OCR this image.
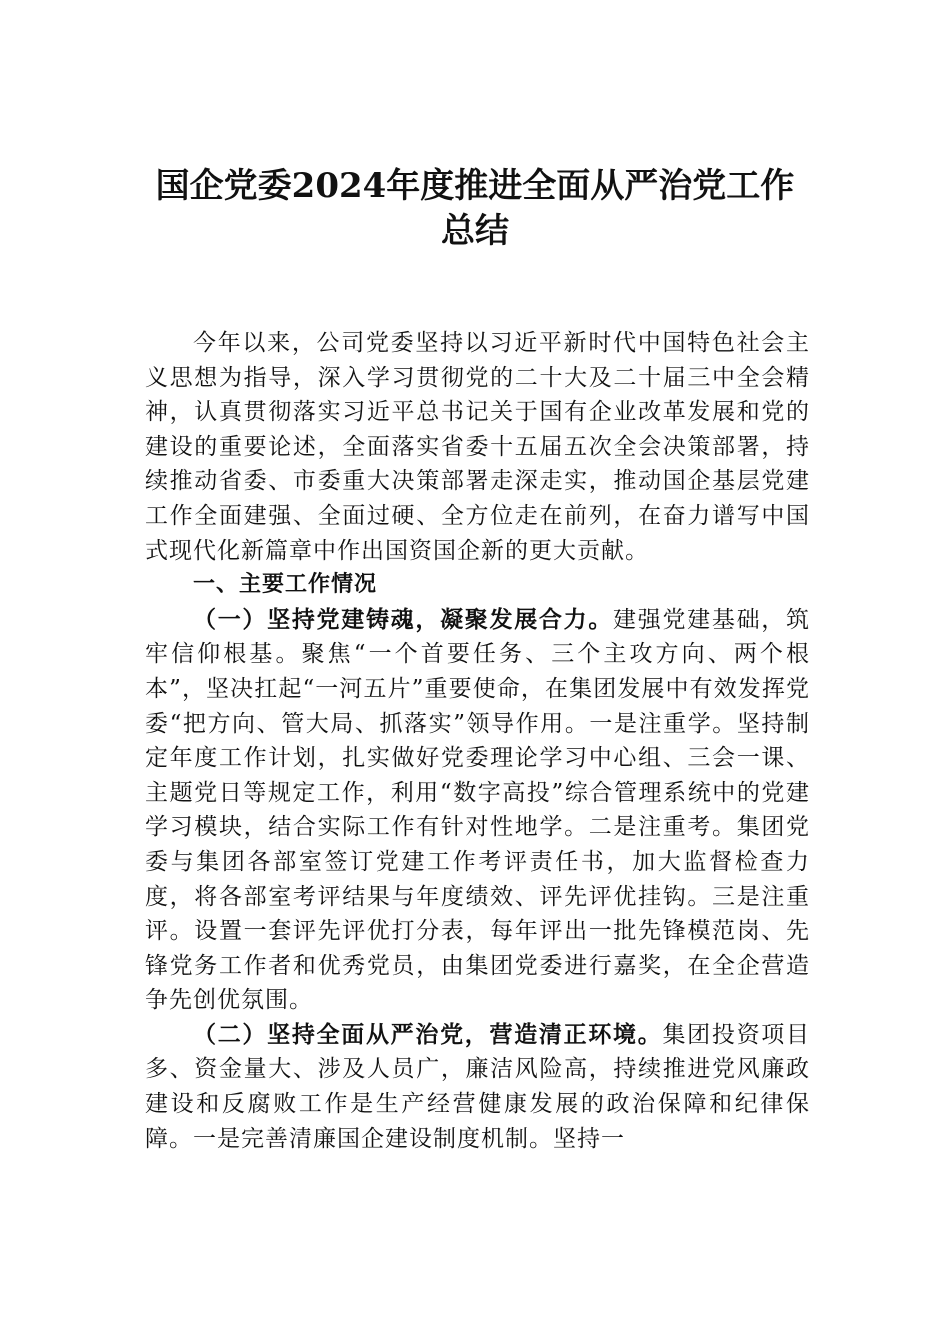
国企党委2024年度推进全面从严治党工作
总结

今年以来，公司党委坚持以习近平新时代中国特色社会主义思想为指导，深入学习贯彻党的二十大及二十届三中全会精神，认真贯彻落实习近平总书记关于国有企业改革发展和党的建设的重要论述，全面落实省委十五届五次全会决策部署，持续推动省委、市委重大决策部署走深走实，推动国企基层党建工作全面建强、全面过硬、全方位走在前列，在奋力谱写中国式现代化新篇章中作出国资国企新的更大贡献。

一、主要工作情况

（一）坚持党建铸魂，凝聚发展合力。建强党建基础，筑牢信仰根基。聚焦“一个首要任务、三个主攻方向、两个根本”，坚决扛起“一河五片”重要使命，在集团发展中有效发挥党委“把方向、管大局、抓落实”领导作用。一是注重学。坚持制定年度工作计划，扎实做好党委理论学习中心组、三会一课、主题党日等规定工作，利用“数字高投”综合管理系统中的党建学习模块，结合实际工作有针对性地学。二是注重考。集团党委与集团各部室签订党建工作考评责任书，加大监督检查力度，将各部室考评结果与年度绩效、评先评优挂钩。三是注重评。设置一套评先评优打分表，每年评出一批先锋模范岗、先锋党务工作者和优秀党员，由集团党委进行嘉奖，在全企营造争先创优氛围。

（二）坚持全面从严治党，营造清正环境。集团投资项目多、资金量大、涉及人员广，廉洁风险高，持续推进党风廉政建设和反腐败工作是生产经营健康发展的政治保障和纪律保障。一是完善清廉国企建设制度机制。坚持一
